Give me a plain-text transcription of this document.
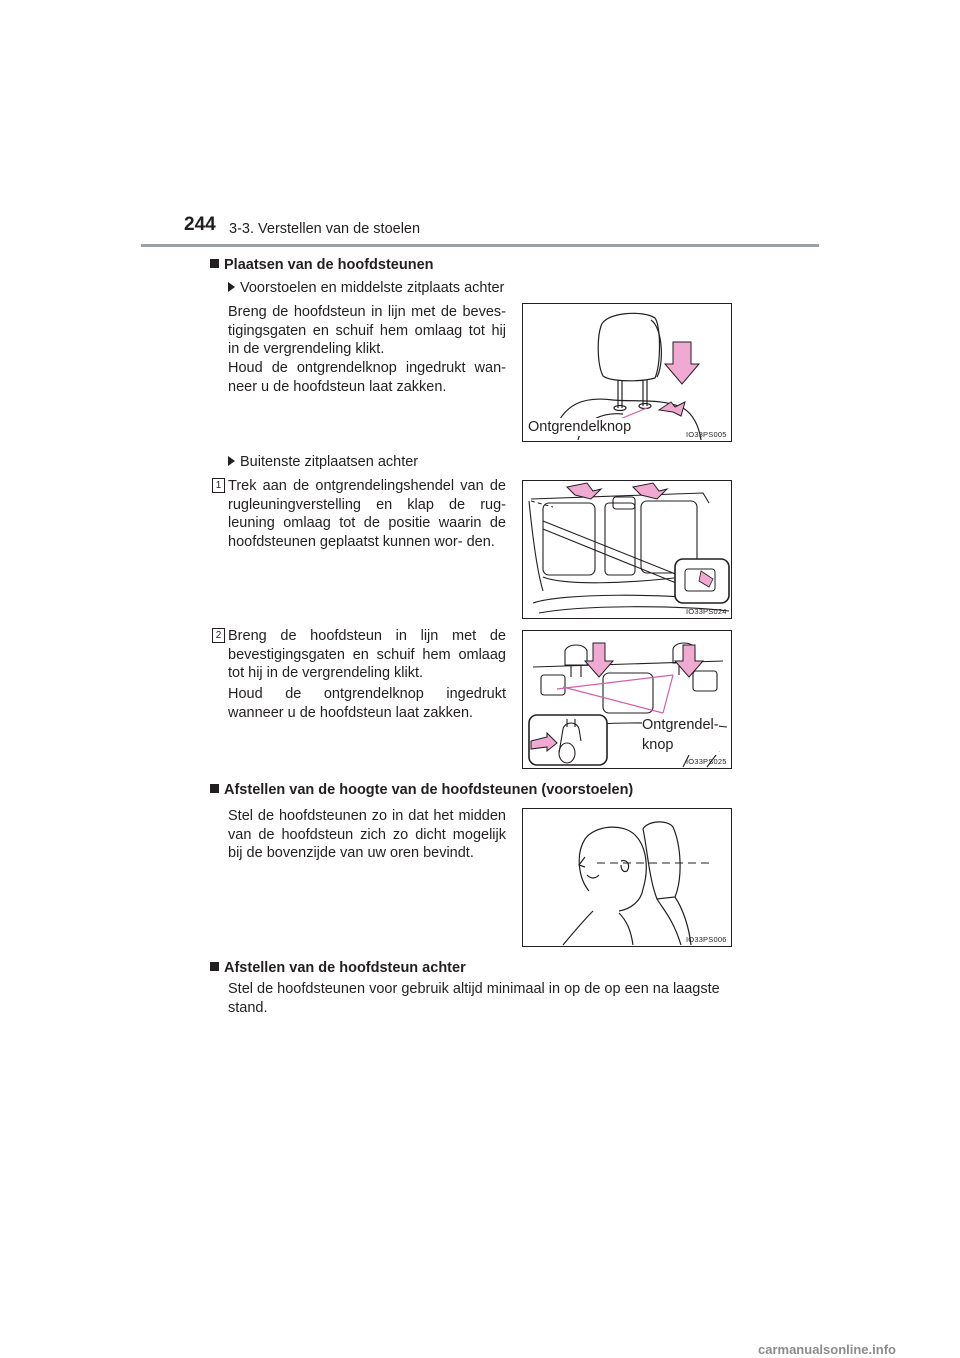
244 3-3. Verstellen van de stoelen
Plaatsen van de hoofdsteunen
Voorstoelen en middelste zitplaats achter
Breng de hoofdsteun in lijn met de beves- tigingsgaten en schuif hem omlaag tot hij in de vergrendeling klikt.
Houd de ontgrendelknop ingedrukt wan- neer u de hoofdsteun laat zakken.
Ontgrendelknop	IO33PS005
Buitenste zitplaatsen achter
1 Trek aan de ontgrendelingshendel van de rugleuningverstelling en klap de rug- leuning omlaag tot de positie waarin de hoofdsteunen geplaatst kunnen wor- den.
IO33PS024
2 Breng de hoofdsteun in lijn met de bevestigingsgaten en schuif hem omlaag tot hij in de vergrendeling klikt.
Houd de ontgrendelknop ingedrukt wanneer u de hoofdsteun laat zakken.
Ontgrendel-
knop
IO33PS025
Afstellen van de hoogte van de hoofdsteunen (voorstoelen)
Stel de hoofdsteunen zo in dat het midden van de hoofdsteun zich zo dicht mogelijk bij de bovenzijde van uw oren bevindt.
IO33PS006
Afstellen van de hoofdsteun achter
Stel de hoofdsteunen voor gebruik altijd minimaal in op de op een na laagste stand.
carmanualsonline.info
